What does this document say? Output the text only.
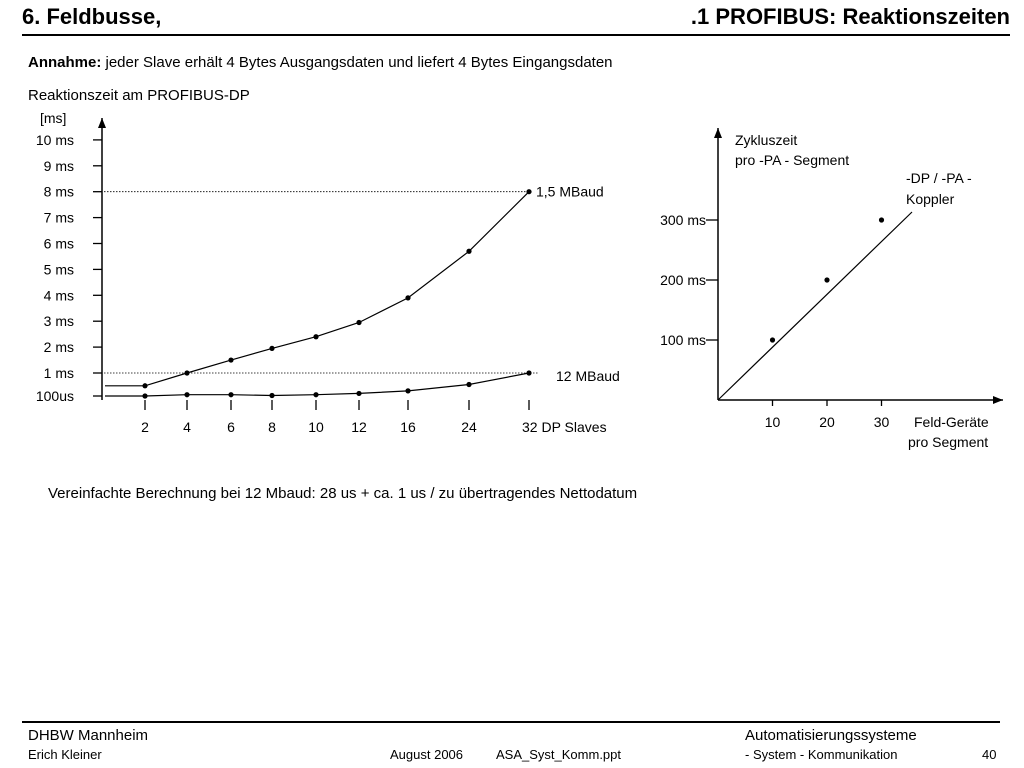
6. Feldbusse,	.1 PROFIBUS: Reaktionszeiten
Annahme: jeder Slave erhält 4 Bytes Ausgangsdaten und liefert 4 Bytes Eingangsdaten
Reaktionszeit am PROFIBUS-DP
[ms]
100us
1 ms
2 ms
3 ms
4 ms
5 ms
6 ms
7 ms
8 ms
9 ms
10 ms
2 4	6 8 10 12 16	24	32 DP Slaves
1,5 MBaud
12 MBaud
Zykluszeit
pro -PA - Segment
100 ms
200 ms
300 ms
10	20	30 Feld-Geräte
pro Segment
-DP / -PA -
Koppler
Vereinfachte Berechnung bei 12 Mbaud: 28 us + ca. 1 us / zu übertragendes Nettodatum
DHBW Mannheim
Erich Kleiner	August 2006	ASA_Syst_Komm.ppt
Automatisierungssysteme
- System - Kommunikation	40
